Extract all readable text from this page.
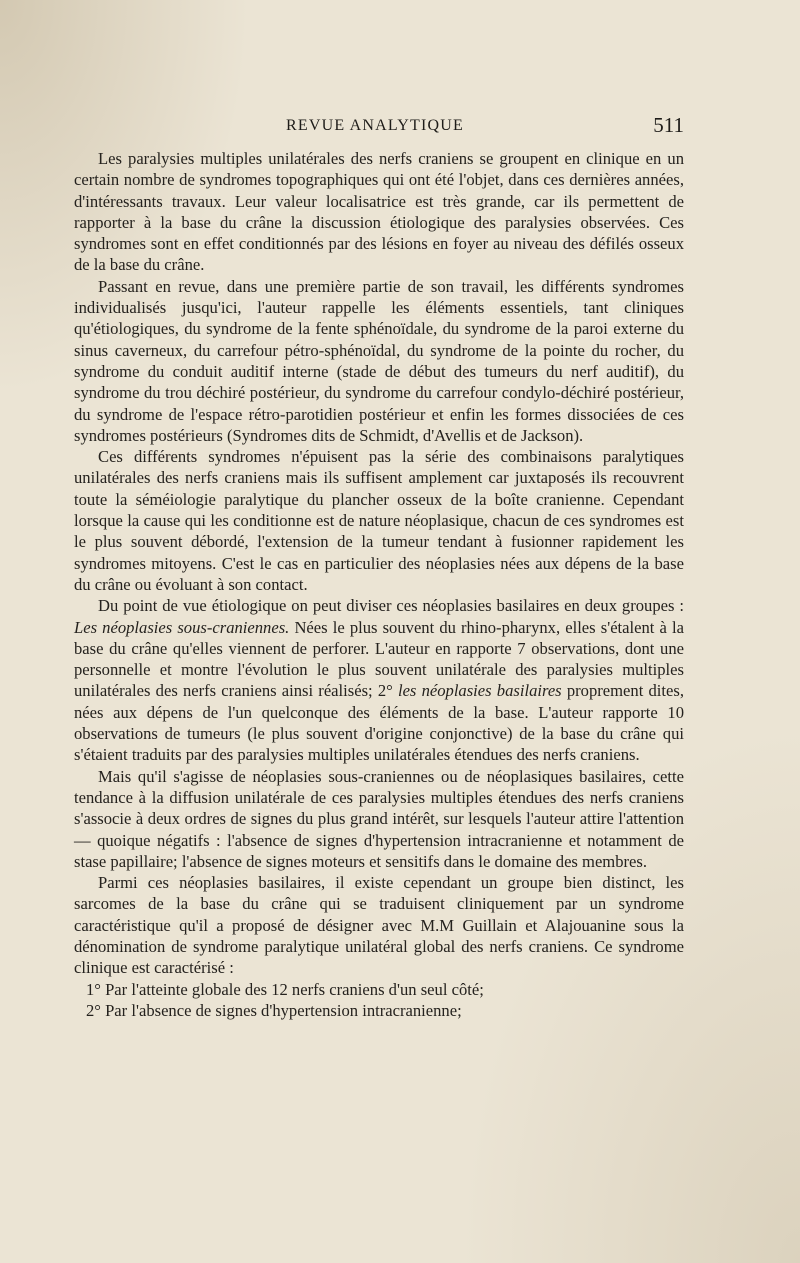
REVUE ANALYTIQUE	511

Les paralysies multiples unilatérales des nerfs craniens se groupent en clinique en un certain nombre de syndromes topographiques qui ont été l'objet, dans ces dernières années, d'intéressants travaux. Leur valeur localisatrice est très grande, car ils permettent de rapporter à la base du crâne la discussion étiologique des paralysies observées. Ces syndromes sont en effet conditionnés par des lésions en foyer au niveau des défilés osseux de la base du crâne.

Passant en revue, dans une première partie de son travail, les différents syndromes individualisés jusqu'ici, l'auteur rappelle les éléments essentiels, tant cliniques qu'étiologiques, du syndrome de la fente sphénoïdale, du syndrome de la paroi externe du sinus caverneux, du carrefour pétro-sphénoïdal, du syndrome de la pointe du rocher, du syndrome du conduit auditif interne (stade de début des tumeurs du nerf auditif), du syndrome du trou déchiré postérieur, du syndrome du carrefour condylo-déchiré postérieur, du syndrome de l'espace rétro-parotidien postérieur et enfin les formes dissociées de ces syndromes postérieurs (Syndromes dits de Schmidt, d'Avellis et de Jackson).

Ces différents syndromes n'épuisent pas la série des combinaisons paralytiques unilatérales des nerfs craniens mais ils suffisent amplement car juxtaposés ils recouvrent toute la séméiologie paralytique du plancher osseux de la boîte cranienne. Cependant lorsque la cause qui les conditionne est de nature néoplasique, chacun de ces syndromes est le plus souvent débordé, l'extension de la tumeur tendant à fusionner rapidement les syndromes mitoyens. C'est le cas en particulier des néoplasies nées aux dépens de la base du crâne ou évoluant à son contact.

Du point de vue étiologique on peut diviser ces néoplasies basilaires en deux groupes : Les néoplasies sous-craniennes. Nées le plus souvent du rhino-pharynx, elles s'étalent à la base du crâne qu'elles viennent de perforer. L'auteur en rapporte 7 observations, dont une personnelle et montre l'évolution le plus souvent unilatérale des paralysies multiples unilatérales des nerfs craniens ainsi réalisés; 2° les néoplasies basilaires proprement dites, nées aux dépens de l'un quelconque des éléments de la base. L'auteur rapporte 10 observations de tumeurs (le plus souvent d'origine conjonctive) de la base du crâne qui s'étaient traduits par des paralysies multiples unilatérales étendues des nerfs craniens.

Mais qu'il s'agisse de néoplasies sous-craniennes ou de néoplasiques basilaires, cette tendance à la diffusion unilatérale de ces paralysies multiples étendues des nerfs craniens s'associe à deux ordres de signes du plus grand intérêt, sur lesquels l'auteur attire l'attention — quoique négatifs : l'absence de signes d'hypertension intracranienne et notamment de stase papillaire; l'absence de signes moteurs et sensitifs dans le domaine des membres.

Parmi ces néoplasies basilaires, il existe cependant un groupe bien distinct, les sarcomes de la base du crâne qui se traduisent cliniquement par un syndrome caractéristique qu'il a proposé de désigner avec M.M Guillain et Alajouanine sous la dénomination de syndrome paralytique unilatéral global des nerfs craniens. Ce syndrome clinique est caractérisé :

1° Par l'atteinte globale des 12 nerfs craniens d'un seul côté;

2° Par l'absence de signes d'hypertension intracranienne;
